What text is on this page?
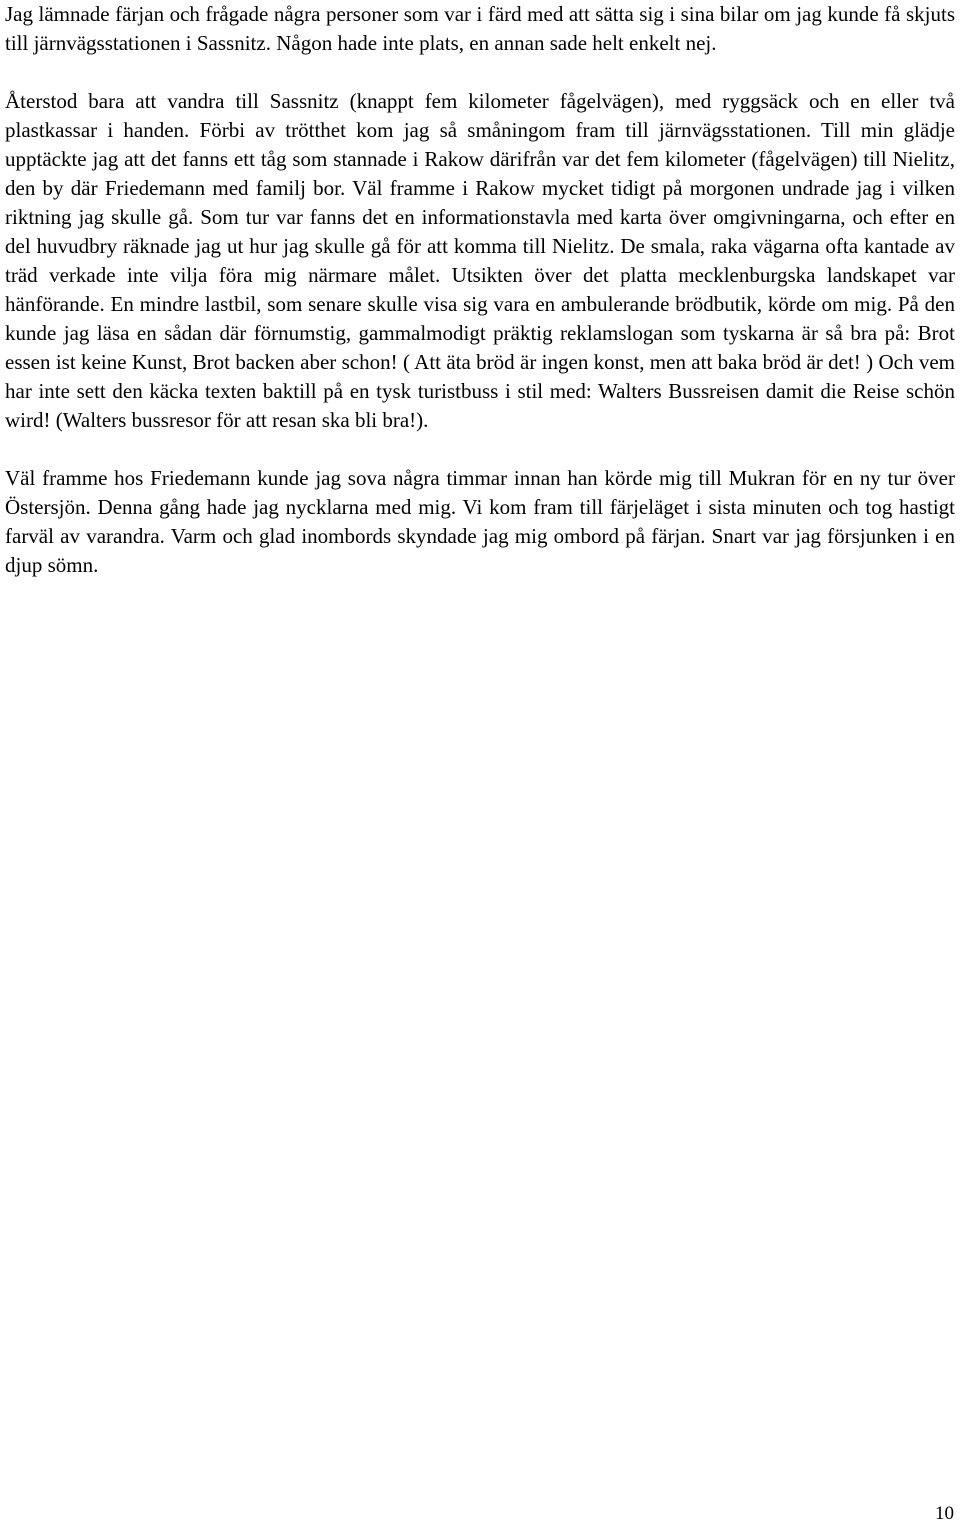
Jag lämnade färjan och frågade några personer som var i färd med att sätta sig i sina bilar om jag kunde få skjuts till järnvägsstationen i Sassnitz. Någon hade inte plats, en annan sade helt enkelt nej.

Återstod bara att vandra till Sassnitz (knappt fem kilometer fågelvägen), med ryggsäck och en eller två plastkassar i handen. Förbi av trötthet kom jag så småningom fram till järnvägsstationen. Till min glädje upptäckte jag att det fanns ett tåg som stannade i Rakow därifrån var det fem kilometer (fågelvägen) till Nielitz, den by där Friedemann med familj bor. Väl framme i Rakow mycket tidigt på morgonen undrade jag i vilken riktning jag skulle gå. Som tur var fanns det en informationstavla med karta över omgivningarna, och efter en del huvudbry räknade jag ut hur jag skulle gå för att komma till Nielitz. De smala, raka vägarna ofta kantade av träd verkade inte vilja föra mig närmare målet. Utsikten över det platta mecklenburgska landskapet var hänförande. En mindre lastbil, som senare skulle visa sig vara en ambulerande brödbutik, körde om mig. På den kunde jag läsa en sådan där förnumstig, gammalmodigt präktig reklamslogan som tyskarna är så bra på: Brot essen ist keine Kunst, Brot backen aber schon! ( Att äta bröd är ingen konst, men att baka bröd är det! ) Och vem har inte sett den käcka texten baktill på en tysk turistbuss i stil med: Walters Bussreisen damit die Reise schön wird! (Walters bussresor för att resan ska bli bra!).

Väl framme hos Friedemann kunde jag sova några timmar innan han körde mig till Mukran för en ny tur över Östersjön. Denna gång hade jag nycklarna med mig. Vi kom fram till färjeläget i sista minuten och tog hastigt farväl av varandra. Varm och glad inombords skyndade jag mig ombord på färjan. Snart var jag försjunken i en djup sömn.

10
